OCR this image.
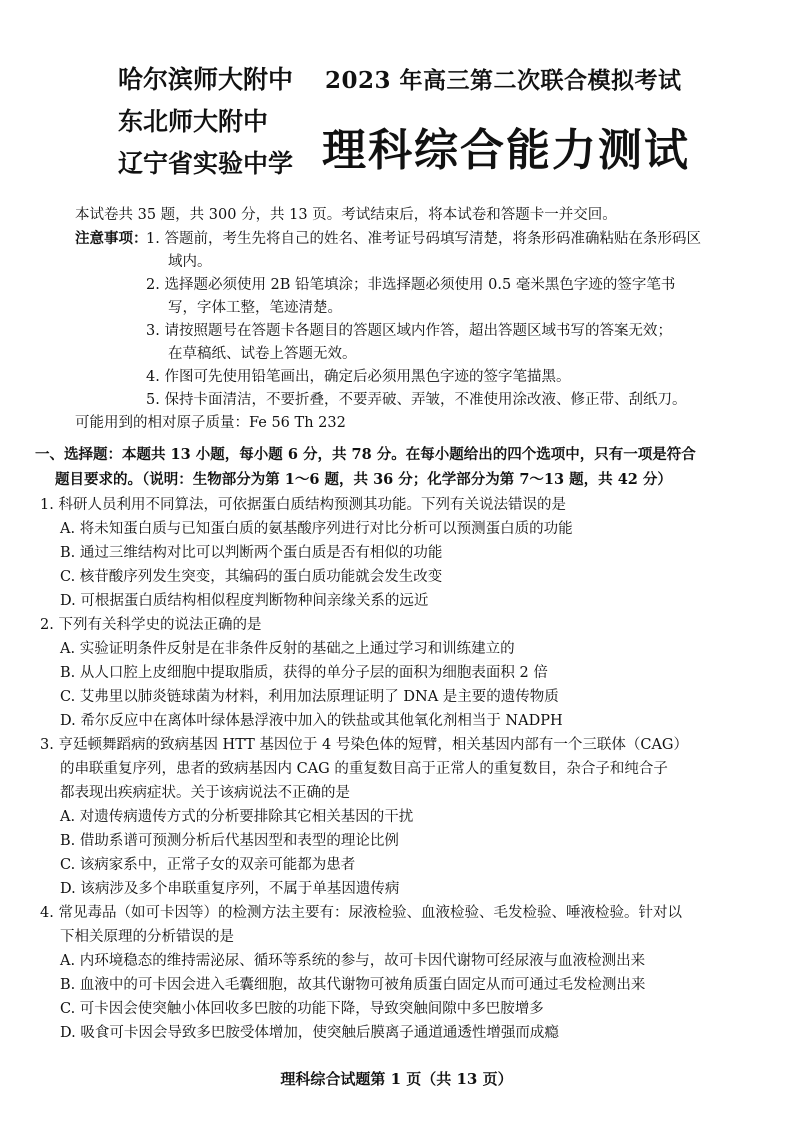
哈尔滨师大附中
东北师大附中
辽宁省实验中学
2023 年高三第二次联合模拟考试
理科综合能力测试
本试卷共 35 题，共 300 分，共 13 页。考试结束后，将本试卷和答题卡一并交回。
注意事项：
1. 答题前，考生先将自己的姓名、准考证号码填写清楚，将条形码准确粘贴在条形码区
域内。
2. 选择题必须使用 2B 铅笔填涂；非选择题必须使用 0.5 毫米黑色字迹的签字笔书
写，字体工整，笔迹清楚。
3. 请按照题号在答题卡各题目的答题区域内作答，超出答题区域书写的答案无效；
在草稿纸、试卷上答题无效。
4. 作图可先使用铅笔画出，确定后必须用黑色字迹的签字笔描黑。
5. 保持卡面清洁，不要折叠，不要弄破、弄皱，不准使用涂改液、修正带、刮纸刀。
可能用到的相对原子质量：Fe 56 Th 232
一、选择题：本题共 13 小题，每小题 6 分，共 78 分。在每小题给出的四个选项中，只有一项是符合
题目要求的。（说明：生物部分为第 1～6 题，共 36 分；化学部分为第 7～13 题，共 42 分）
1. 科研人员利用不同算法，可依据蛋白质结构预测其功能。下列有关说法错误的是
A. 将未知蛋白质与已知蛋白质的氨基酸序列进行对比分析可以预测蛋白质的功能
B. 通过三维结构对比可以判断两个蛋白质是否有相似的功能
C. 核苷酸序列发生突变，其编码的蛋白质功能就会发生改变
D. 可根据蛋白质结构相似程度判断物种间亲缘关系的远近
2. 下列有关科学史的说法正确的是
A. 实验证明条件反射是在非条件反射的基础之上通过学习和训练建立的
B. 从人口腔上皮细胞中提取脂质，获得的单分子层的面积为细胞表面积 2 倍
C. 艾弗里以肺炎链球菌为材料，利用加法原理证明了 DNA 是主要的遗传物质
D. 希尔反应中在离体叶绿体悬浮液中加入的铁盐或其他氧化剂相当于 NADPH
3. 亨廷顿舞蹈病的致病基因 HTT 基因位于 4 号染色体的短臂，相关基因内部有一个三联体（CAG）
的串联重复序列，患者的致病基因内 CAG 的重复数目高于正常人的重复数目，杂合子和纯合子
都表现出疾病症状。关于该病说法不正确的是
A. 对遗传病遗传方式的分析要排除其它相关基因的干扰
B. 借助系谱可预测分析后代基因型和表型的理论比例
C. 该病家系中，正常子女的双亲可能都为患者
D. 该病涉及多个串联重复序列，不属于单基因遗传病
4. 常见毒品（如可卡因等）的检测方法主要有：尿液检验、血液检验、毛发检验、唾液检验。针对以
下相关原理的分析错误的是
A. 内环境稳态的维持需泌尿、循环等系统的参与，故可卡因代谢物可经尿液与血液检测出来
B. 血液中的可卡因会进入毛囊细胞，故其代谢物可被角质蛋白固定从而可通过毛发检测出来
C. 可卡因会使突触小体回收多巴胺的功能下降，导致突触间隙中多巴胺增多
D. 吸食可卡因会导致多巴胺受体增加，使突触后膜离子通道通透性增强而成瘾
理科综合试题第 1 页（共 13 页）
